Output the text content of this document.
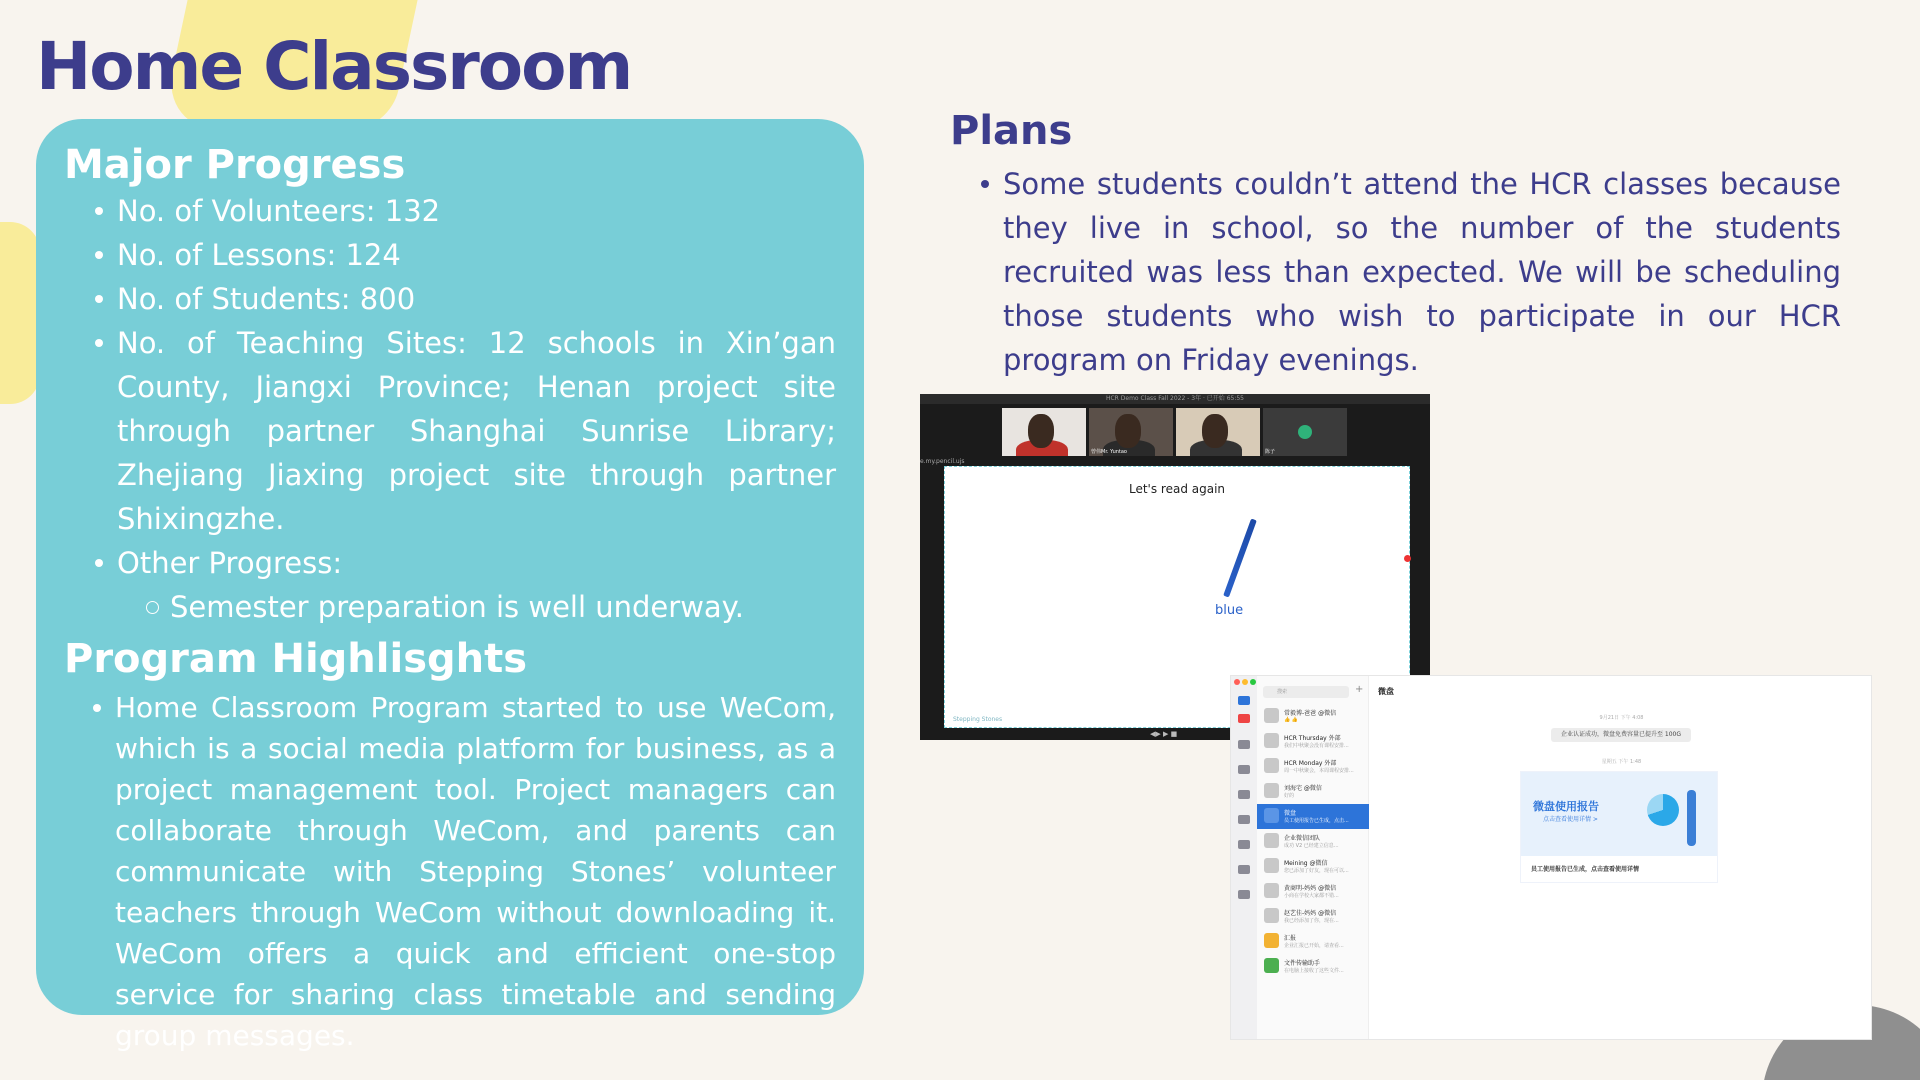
Home Classroom
Major Progress
No. of Volunteers: 132
No. of Lessons: 124
No. of Students: 800
No. of Teaching Sites: 12 schools in Xin’gan County, Jiangxi Province; Henan project site through partner Shanghai Sunrise Library; Zhejiang Jiaxing project site through partner Shixingzhe.
Other Progress:
Semester preparation is well underway.
Program Highlisghts
Home Classroom Program started to use WeCom, which is a social media platform for business, as a project management tool. Project managers can collaborate through WeCom, and parents can communicate with Stepping Stones’ volunteer teachers through WeCom without downloading it. WeCom offers a quick and efficient one-stop service for sharing class timetable and sending group messages.
Plans
Some students couldn’t attend the HCR classes because they live in school, so the number of the students recruited was less than expected. We will be scheduling those students who wish to participate in our HCR program on Friday evenings.
HCR Demo Class Fall 2022 - 3年 · 已开始 65:55
曾伟Mr. Yuntao	陈子
e.my.pencil.ujs
Let's read again
blue
Stepping Stones
◀▶ ▶ ■
搜索	+
常毅博-爸爸 @微信
👍 👍
HCR Thursday 外部
我们中秋聚会没有课程安排...
HCR Monday 外部
周一中秋聚会，本周课程安排...
刘海宅 @微信
好的
微盘
员工使用报告已生成，点击...
企业微信团队
成功 V2 已经建立信息...
Meining @微信
您已添加了好友，现在可以...
黄商明-妈妈 @微信
小商在学校大家都不错...
赵艺佳-妈妈 @微信
我已经添加了你，现在...
汇报
企业汇报已开始，请查看...
文件传输助手
在电脑上接收了这些文件...
微盘
9月21日 下午 4:08
企业认证成功，微盘免费容量已提升至 100G
星期五 下午 1:48
微盘使用报告
点击查看使用详情 >
员工使用报告已生成，点击查看使用详情
